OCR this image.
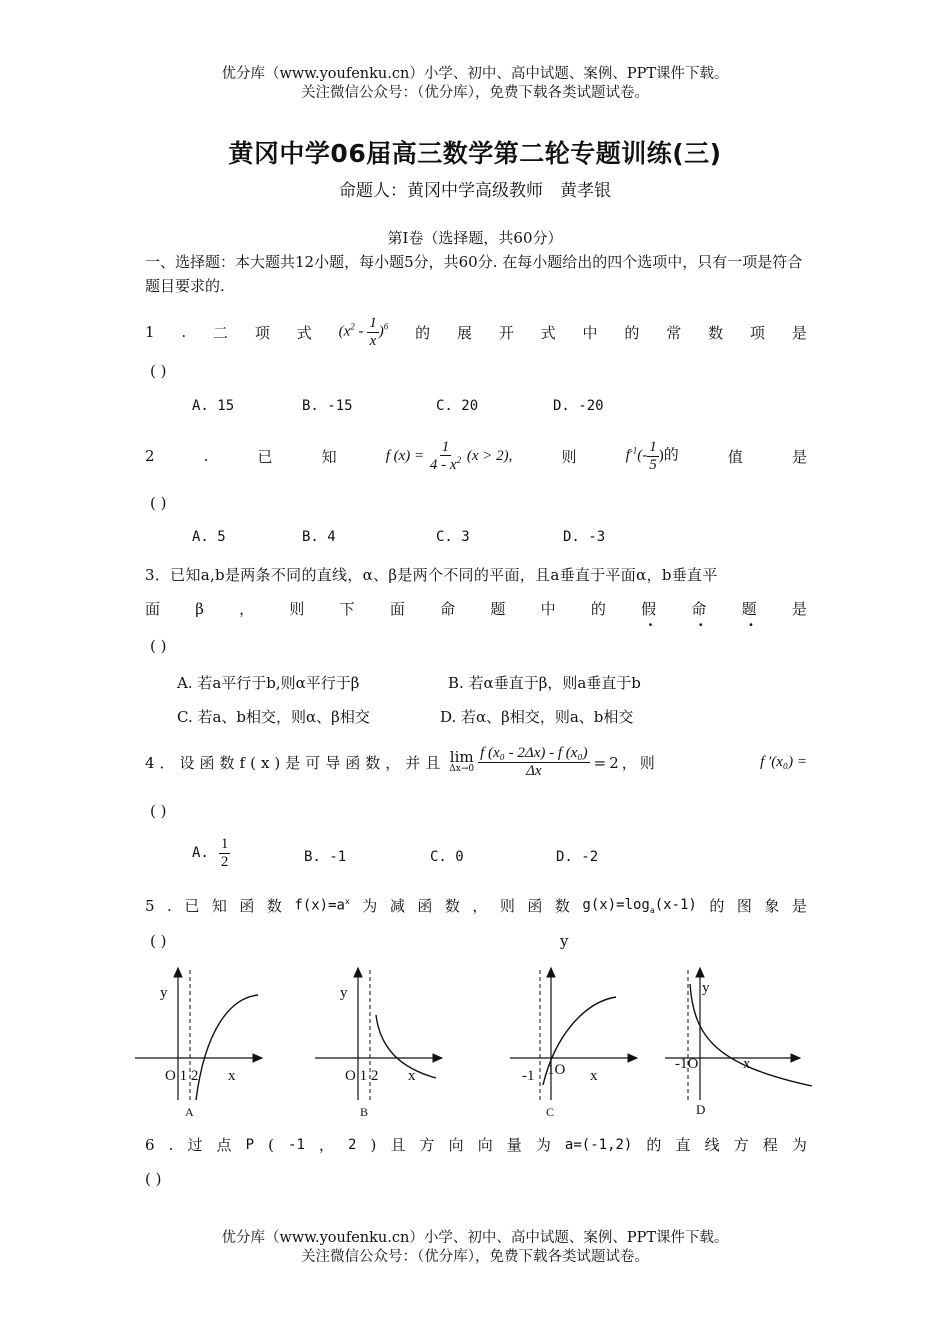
优分库（www.youfenku.cn）小学、初中、高中试题、案例、PPT课件下载。
关注微信公众号：（优分库），免费下载各类试题试卷。
黄冈中学06届高三数学第二轮专题训练(三)
命题人：黄冈中学高级教师　黄孝银
第Ⅰ卷（选择题，共60分）
一、选择题：本大题共12小题，每小题5分，共60分. 在每小题给出的四个选项中，只有一项是符合题目要求的.
1 . 二 项 式 $(x^2 - \frac{1}{x} )^6$ 的 展 开 式 中 的 常 数 项 是
( )
A. 15	B. -15	C. 20	D. -20
2	.	已	知	f $(x) = \frac{1}{4 - x^2} (x > 2)$,	则	$f^{-1}(- \frac{1}{5}$ )的	值	是
( )
A. 5	B. 4	C. 3	D. -3
3．已知a,b是两条不同的直线，α、β是两个不同的平面，且a垂直于平面α，b垂直平
面 β ， 则 下 面 命 题 中 的 假 . 命 . 题 . 是
( )
A. 若a平行于b,则α平行于β	B. 若α垂直于β，则a垂直于b
C. 若a、b相交，则α、β相交	D. 若α、β相交，则a、b相交
4．设函数f(x)是可导函数，并且 lim
$\Delta x\to 0 \frac{\text{f (x₀ - 2Δx) - f (x₀)}}{\Delta x} =2$，则	f ′(x₀) =
( )
A. $\frac{1}{2}$	B. -1	C. 0	D. -2
5 . 已 知 函 数 $f(x)=a^x$ 为 减 函 数 ， 则 函 数 $g(x)=\log_a(x-1)$ 的 图 象 是
( )	y
y
O 1 2 x
A
y
O 1 2 x
B
-1 1O x
C
y
-1O	x
D
6 . 过 点 P ( -1 ， 2 ) 且 方 向 向 量 为 a=(-1,2) 的 直 线 方 程 为
( )
优分库（www.youfenku.cn）小学、初中、高中试题、案例、PPT课件下载。
关注微信公众号：（优分库），免费下载各类试题试卷。
